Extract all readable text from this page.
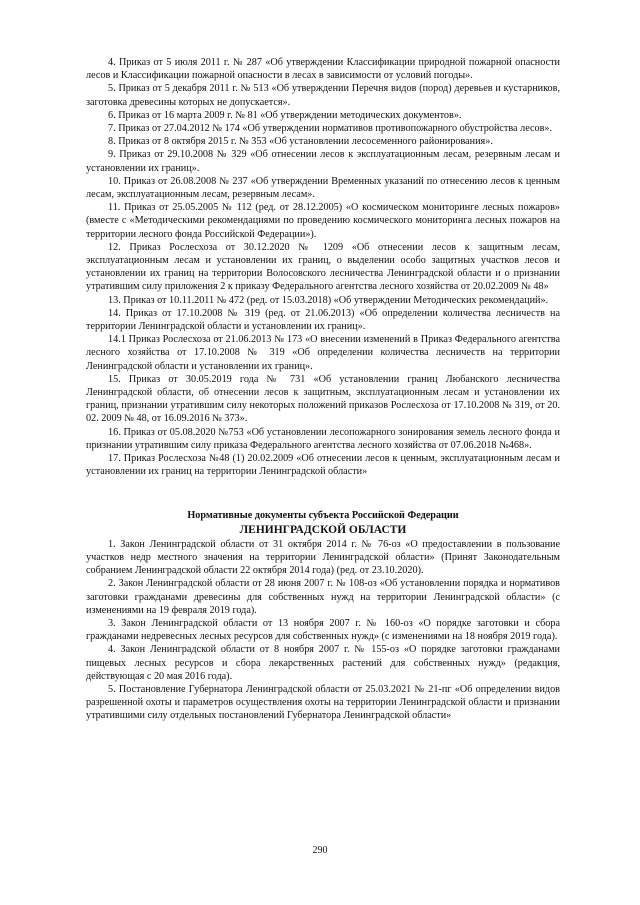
4. Приказ от 5 июля 2011 г. № 287 «Об утверждении Классификации природной пожарной опасности лесов и Классификации пожарной опасности в лесах в зависимости от условий погоды».

5. Приказ от 5 декабря 2011 г. № 513 «Об утверждении Перечня видов (пород) деревьев и кустарников, заготовка древесины которых не допускается».

6. Приказ от 16 марта 2009 г. № 81 «Об утверждении методических документов».

7. Приказ от 27.04.2012 № 174 «Об утверждении нормативов противопожарного обустройства лесов».

8. Приказ от 8 октября 2015 г. № 353 «Об установлении лесосеменного районирования».

9. Приказ от 29.10.2008 № 329 «Об отнесении лесов к эксплуатационным лесам, резервным лесам и установлении их границ».

10. Приказ от 26.08.2008 № 237 «Об утверждении Временных указаний по отнесению лесов к ценным лесам, эксплуатационным лесам, резервным лесам».

11. Приказ от 25.05.2005 № 112 (ред. от 28.12.2005) «О космическом мониторинге лесных пожаров» (вместе с «Методическими рекомендациями по проведению космического мониторинга лесных пожаров на территории лесного фонда Российской Федерации»).

12. Приказ Рослесхоза от 30.12.2020 № 1209 «Об отнесении лесов к защитным лесам, эксплуатационным лесам и установлении их границ, о выделении особо защитных участков лесов и установлении их границ на территории Волосовского лесничества Ленинградской области и о признании утратившим силу приложения 2 к приказу Федерального агентства лесного хозяйства от 20.02.2009 № 48»

13. Приказ от 10.11.2011 № 472 (ред. от 15.03.2018) «Об утверждении Методических рекомендаций».

14. Приказ от 17.10.2008 № 319 (ред. от 21.06.2013) «Об определении количества лесничеств на территории Ленинградской области и установлении их границ».

14.1 Приказ Рослесхоза от 21.06.2013 № 173 «О внесении изменений в Приказ Федерального агентства лесного хозяйства от 17.10.2008 № 319 «Об определении количества лесничеств на территории Ленинградской области и установлении их границ».

15. Приказ от 30.05.2019 года № 731 «Об установлении границ Любанского лесничества Ленинградской области, об отнесении лесов к защитным, эксплуатационным лесам и установлении их границ, признании утратившим силу некоторых положений приказов Рослесхоза от 17.10.2008 № 319, от 20. 02. 2009 № 48, от 16.09.2016 № 373».

16. Приказ от 05.08.2020 №753 «Об установлении лесопожарного зонирования земель лесного фонда и признании утратившим силу приказа Федерального агентства лесного хозяйства от 07.06.2018 №468».

17. Приказ Рослесхоза №48 (1) 20.02.2009 «Об отнесении лесов к ценным, эксплуатационным лесам и установлении их границ на территории Ленинградской области»

Нормативные документы субъекта Российской Федерации

ЛЕНИНГРАДСКОЙ ОБЛАСТИ

1. Закон Ленинградской области от 31 октября 2014 г. № 76-оз «О предоставлении в пользование участков недр местного значения на территории Ленинградской области» (Принят Законодательным собранием Ленинградской области 22 октября 2014 года) (ред. от 23.10.2020).

2. Закон Ленинградской области от 28 июня 2007 г. № 108-оз «Об установлении порядка и нормативов заготовки гражданами древесины для собственных нужд на территории Ленинградской области» (с изменениями на 19 февраля 2019 года).

3. Закон Ленинградской области от 13 ноября 2007 г. № 160-оз «О порядке заготовки и сбора гражданами недревесных лесных ресурсов для собственных нужд» (с изменениями на 18 ноября 2019 года).

4. Закон Ленинградской области от 8 ноября 2007 г. № 155-оз «О порядке заготовки гражданами пищевых лесных ресурсов и сбора лекарственных растений для собственных нужд» (редакция, действующая с 20 мая 2016 года).

5. Постановление Губернатора Ленинградской области от 25.03.2021 № 21-пг «Об определении видов разрешенной охоты и параметров осуществления охоты на территории Ленинградской области и признании утратившими силу отдельных постановлений Губернатора Ленинградской области»

290
